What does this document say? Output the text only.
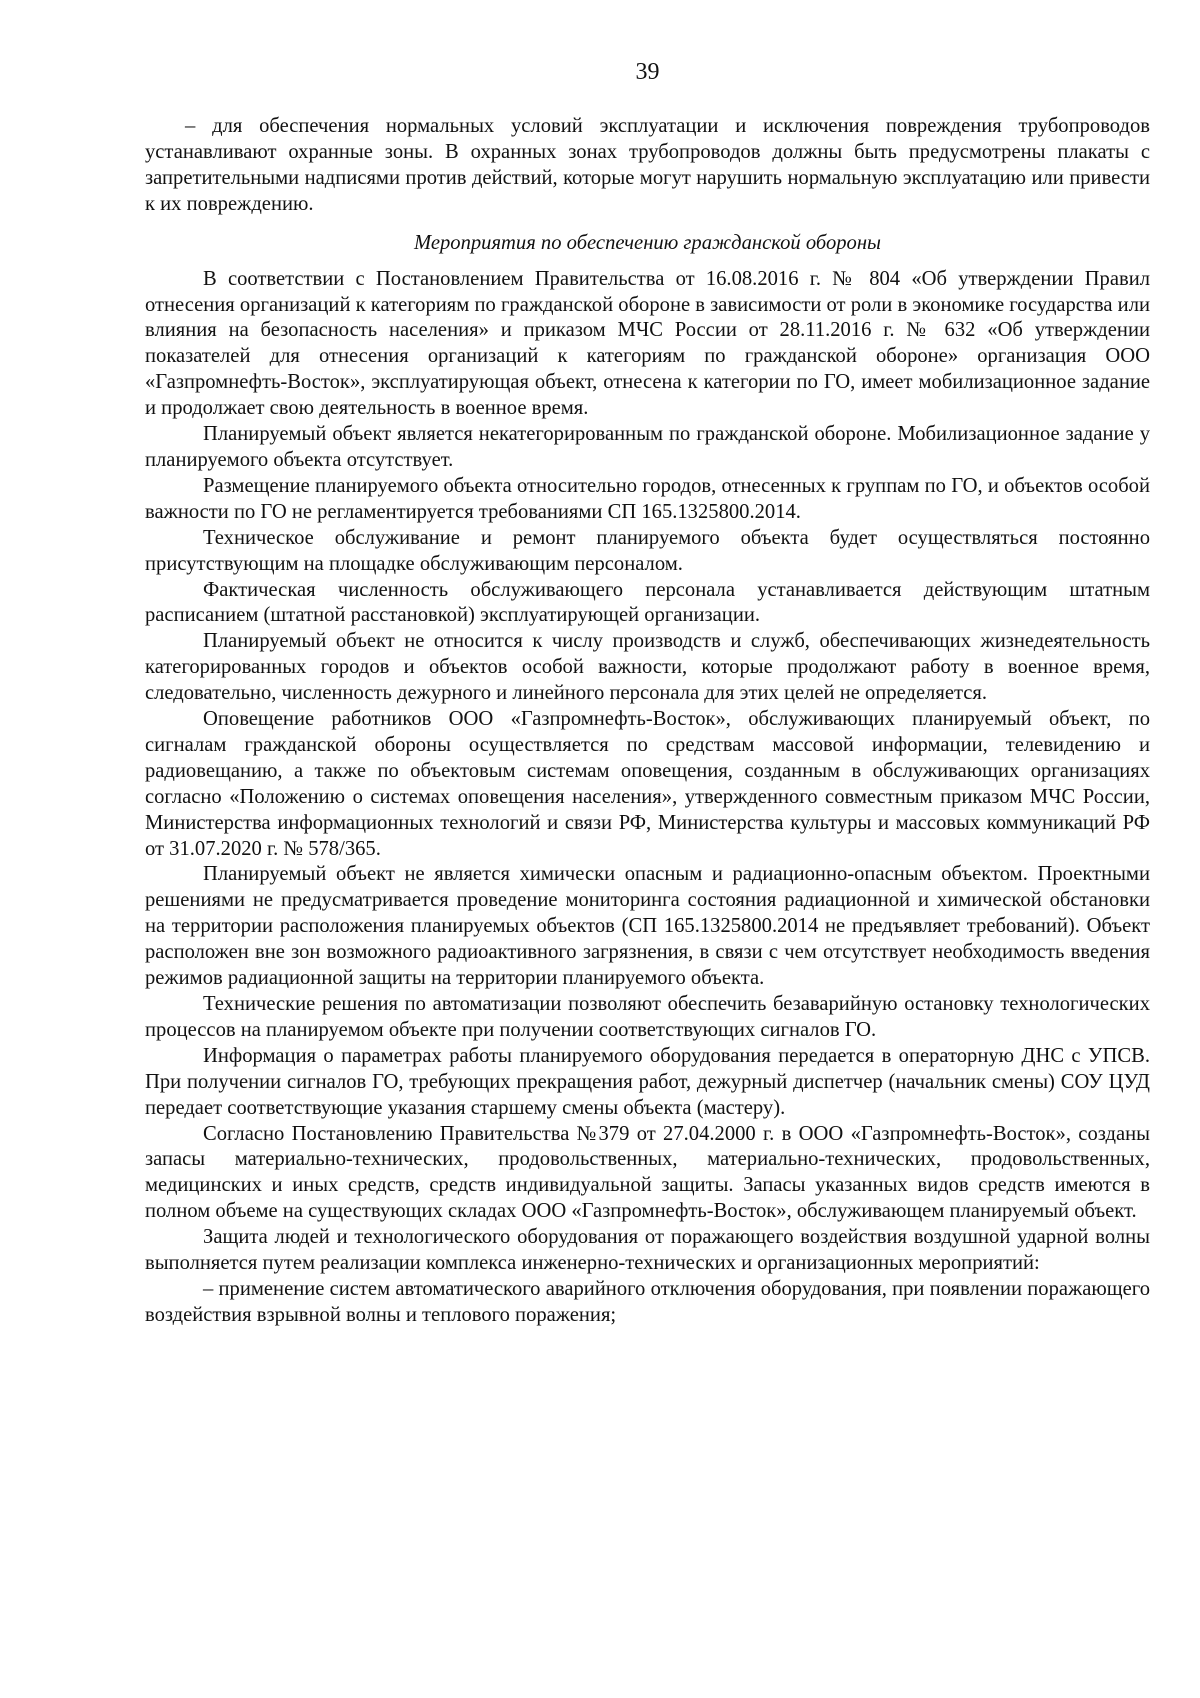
39

– для обеспечения нормальных условий эксплуатации и исключения повреждения трубопроводов устанавливают охранные зоны. В охранных зонах трубопроводов должны быть предусмотрены плакаты с запретительными надписями против действий, которые могут нарушить нормальную эксплуатацию или привести к их повреждению.

Мероприятия по обеспечению гражданской обороны

В соответствии с Постановлением Правительства от 16.08.2016 г. № 804 «Об утверждении Правил отнесения организаций к категориям по гражданской обороне в зависимости от роли в экономике государства или влияния на безопасность населения» и приказом МЧС России от 28.11.2016 г. № 632 «Об утверждении показателей для отнесения организаций к категориям по гражданской обороне» организация ООО «Газпромнефть-Восток», эксплуатирующая объект, отнесена к категории по ГО, имеет мобилизационное задание и продолжает свою деятельность в военное время.

Планируемый объект является некатегорированным по гражданской обороне. Мобилизационное задание у планируемого объекта отсутствует.

Размещение планируемого объекта относительно городов, отнесенных к группам по ГО, и объектов особой важности по ГО не регламентируется требованиями СП 165.1325800.2014.

Техническое обслуживание и ремонт планируемого объекта будет осуществляться постоянно присутствующим на площадке обслуживающим персоналом.

Фактическая численность обслуживающего персонала устанавливается действующим штатным расписанием (штатной расстановкой) эксплуатирующей организации.

Планируемый объект не относится к числу производств и служб, обеспечивающих жизнедеятельность категорированных городов и объектов особой важности, которые продолжают работу в военное время, следовательно, численность дежурного и линейного персонала для этих целей не определяется.

Оповещение работников ООО «Газпромнефть-Восток», обслуживающих планируемый объект, по сигналам гражданской обороны осуществляется по средствам массовой информации, телевидению и радиовещанию, а также по объектовым системам оповещения, созданным в обслуживающих организациях согласно «Положению о системах оповещения населения», утвержденного совместным приказом МЧС России, Министерства информационных технологий и связи РФ, Министерства культуры и массовых коммуникаций РФ от 31.07.2020 г. № 578/365.

Планируемый объект не является химически опасным и радиационно-опасным объектом. Проектными решениями не предусматривается проведение мониторинга состояния радиационной и химической обстановки на территории расположения планируемых объектов (СП 165.1325800.2014 не предъявляет требований). Объект расположен вне зон возможного радиоактивного загрязнения, в связи с чем отсутствует необходимость введения режимов радиационной защиты на территории планируемого объекта.

Технические решения по автоматизации позволяют обеспечить безаварийную остановку технологических процессов на планируемом объекте при получении соответствующих сигналов ГО.

Информация о параметрах работы планируемого оборудования передается в операторную ДНС с УПСВ. При получении сигналов ГО, требующих прекращения работ, дежурный диспетчер (начальник смены) СОУ ЦУД передает соответствующие указания старшему смены объекта (мастеру).

Согласно Постановлению Правительства №379 от 27.04.2000 г. в ООО «Газпромнефть-Восток», созданы запасы материально-технических, продовольственных, материально-технических, продовольственных, медицинских и иных средств, средств индивидуальной защиты. Запасы указанных видов средств имеются в полном объеме на существующих складах ООО «Газпромнефть-Восток», обслуживающем планируемый объект.

Защита людей и технологического оборудования от поражающего воздействия воздушной ударной волны выполняется путем реализации комплекса инженерно-технических и организационных мероприятий:

– применение систем автоматического аварийного отключения оборудования, при появлении поражающего воздействия взрывной волны и теплового поражения;
